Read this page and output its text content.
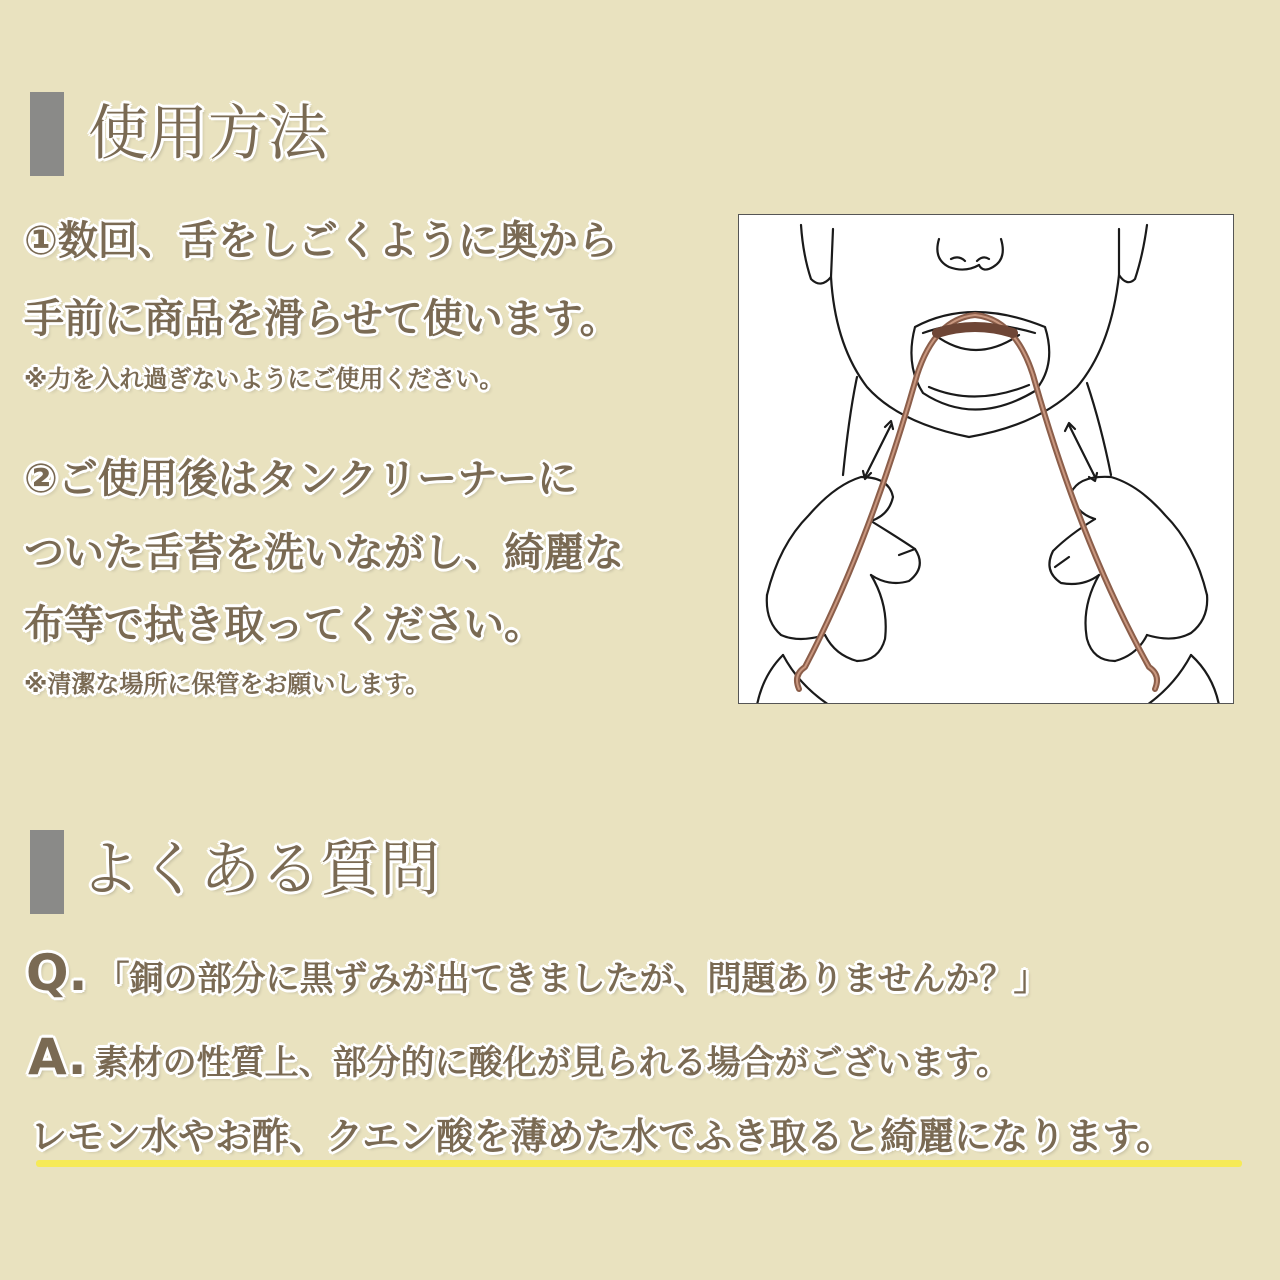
使用方法

①数回、舌をしごくように奥から

手前に商品を滑らせて使います。

※力を入れ過ぎないようにご使用ください。

②ご使用後はタンクリーナーに

ついた舌苔を洗いながし、綺麗な

布等で拭き取ってください。

※清潔な場所に保管をお願いします。

よくある質問

Q. 「銅の部分に黒ずみが出てきましたが、問題ありませんか？」

A. 素材の性質上、部分的に酸化が見られる場合がございます。

レモン水やお酢、クエン酸を薄めた水でふき取ると綺麗になります。
